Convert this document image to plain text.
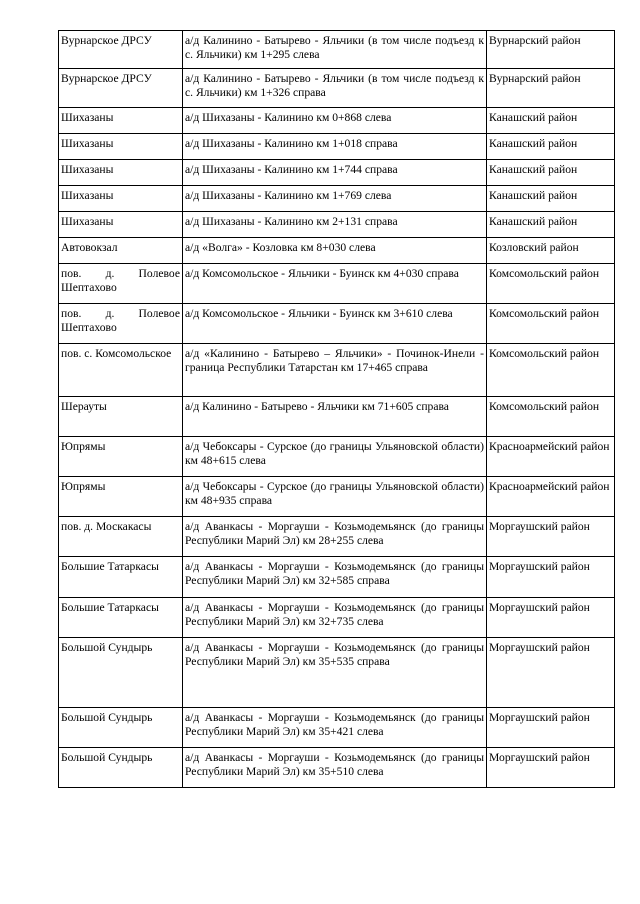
Вурнарское ДРСУ	а/д Калинино - Батырево - Яльчики (в том числе подъезд к с. Яльчики) км 1+295 слева	Вурнарский район
Вурнарское ДРСУ	а/д Калинино - Батырево - Яльчики (в том числе подъезд к с. Яльчики) км 1+326 справа	Вурнарский район
Шихазаны	а/д Шихазаны - Калинино км 0+868 слева	Канашский район
Шихазаны	а/д Шихазаны - Калинино км 1+018 справа	Канашский район
Шихазаны	а/д Шихазаны - Калинино км 1+744 справа	Канашский район
Шихазаны	а/д Шихазаны - Калинино км 1+769 слева	Канашский район
Шихазаны	а/д Шихазаны - Калинино км 2+131 справа	Канашский район
Автовокзал	а/д «Волга» - Козловка км 8+030 слева	Козловский район
пов. д. Полевое Шептахово	а/д Комсомольское - Яльчики - Буинск км 4+030 справа	Комсомольский район
пов. д. Полевое Шептахово	а/д Комсомольское - Яльчики - Буинск км 3+610 слева	Комсомольский район
пов. с. Комсомольское	а/д «Калинино - Батырево – Яльчики» - Починок-Инели - граница Республики Татарстан км 17+465 справа	Комсомольский район
Шерауты	а/д Калинино - Батырево - Яльчики км 71+605 справа	Комсомольский район
Юпрямы	а/д Чебоксары - Сурское (до границы Ульяновской области) км 48+615 слева	Красноармейский район
Юпрямы	а/д Чебоксары - Сурское (до границы Ульяновской области) км 48+935 справа	Красноармейский район
пов. д. Москакасы	а/д Аванкасы - Моргауши - Козьмодемьянск (до границы Республики Марий Эл) км 28+255 слева	Моргаушский район
Большие Татаркасы	а/д Аванкасы - Моргауши - Козьмодемьянск (до границы Республики Марий Эл) км 32+585 справа	Моргаушский район
Большие Татаркасы	а/д Аванкасы - Моргауши - Козьмодемьянск (до границы Республики Марий Эл) км 32+735 слева	Моргаушский район
Большой Сундырь	а/д Аванкасы - Моргауши - Козьмодемьянск (до границы Республики Марий Эл) км 35+535 справа	Моргаушский район
Большой Сундырь	а/д Аванкасы - Моргауши - Козьмодемьянск (до границы Республики Марий Эл) км 35+421 слева	Моргаушский район
Большой Сундырь	а/д Аванкасы - Моргауши - Козьмодемьянск (до границы Республики Марий Эл) км 35+510 слева	Моргаушский район
